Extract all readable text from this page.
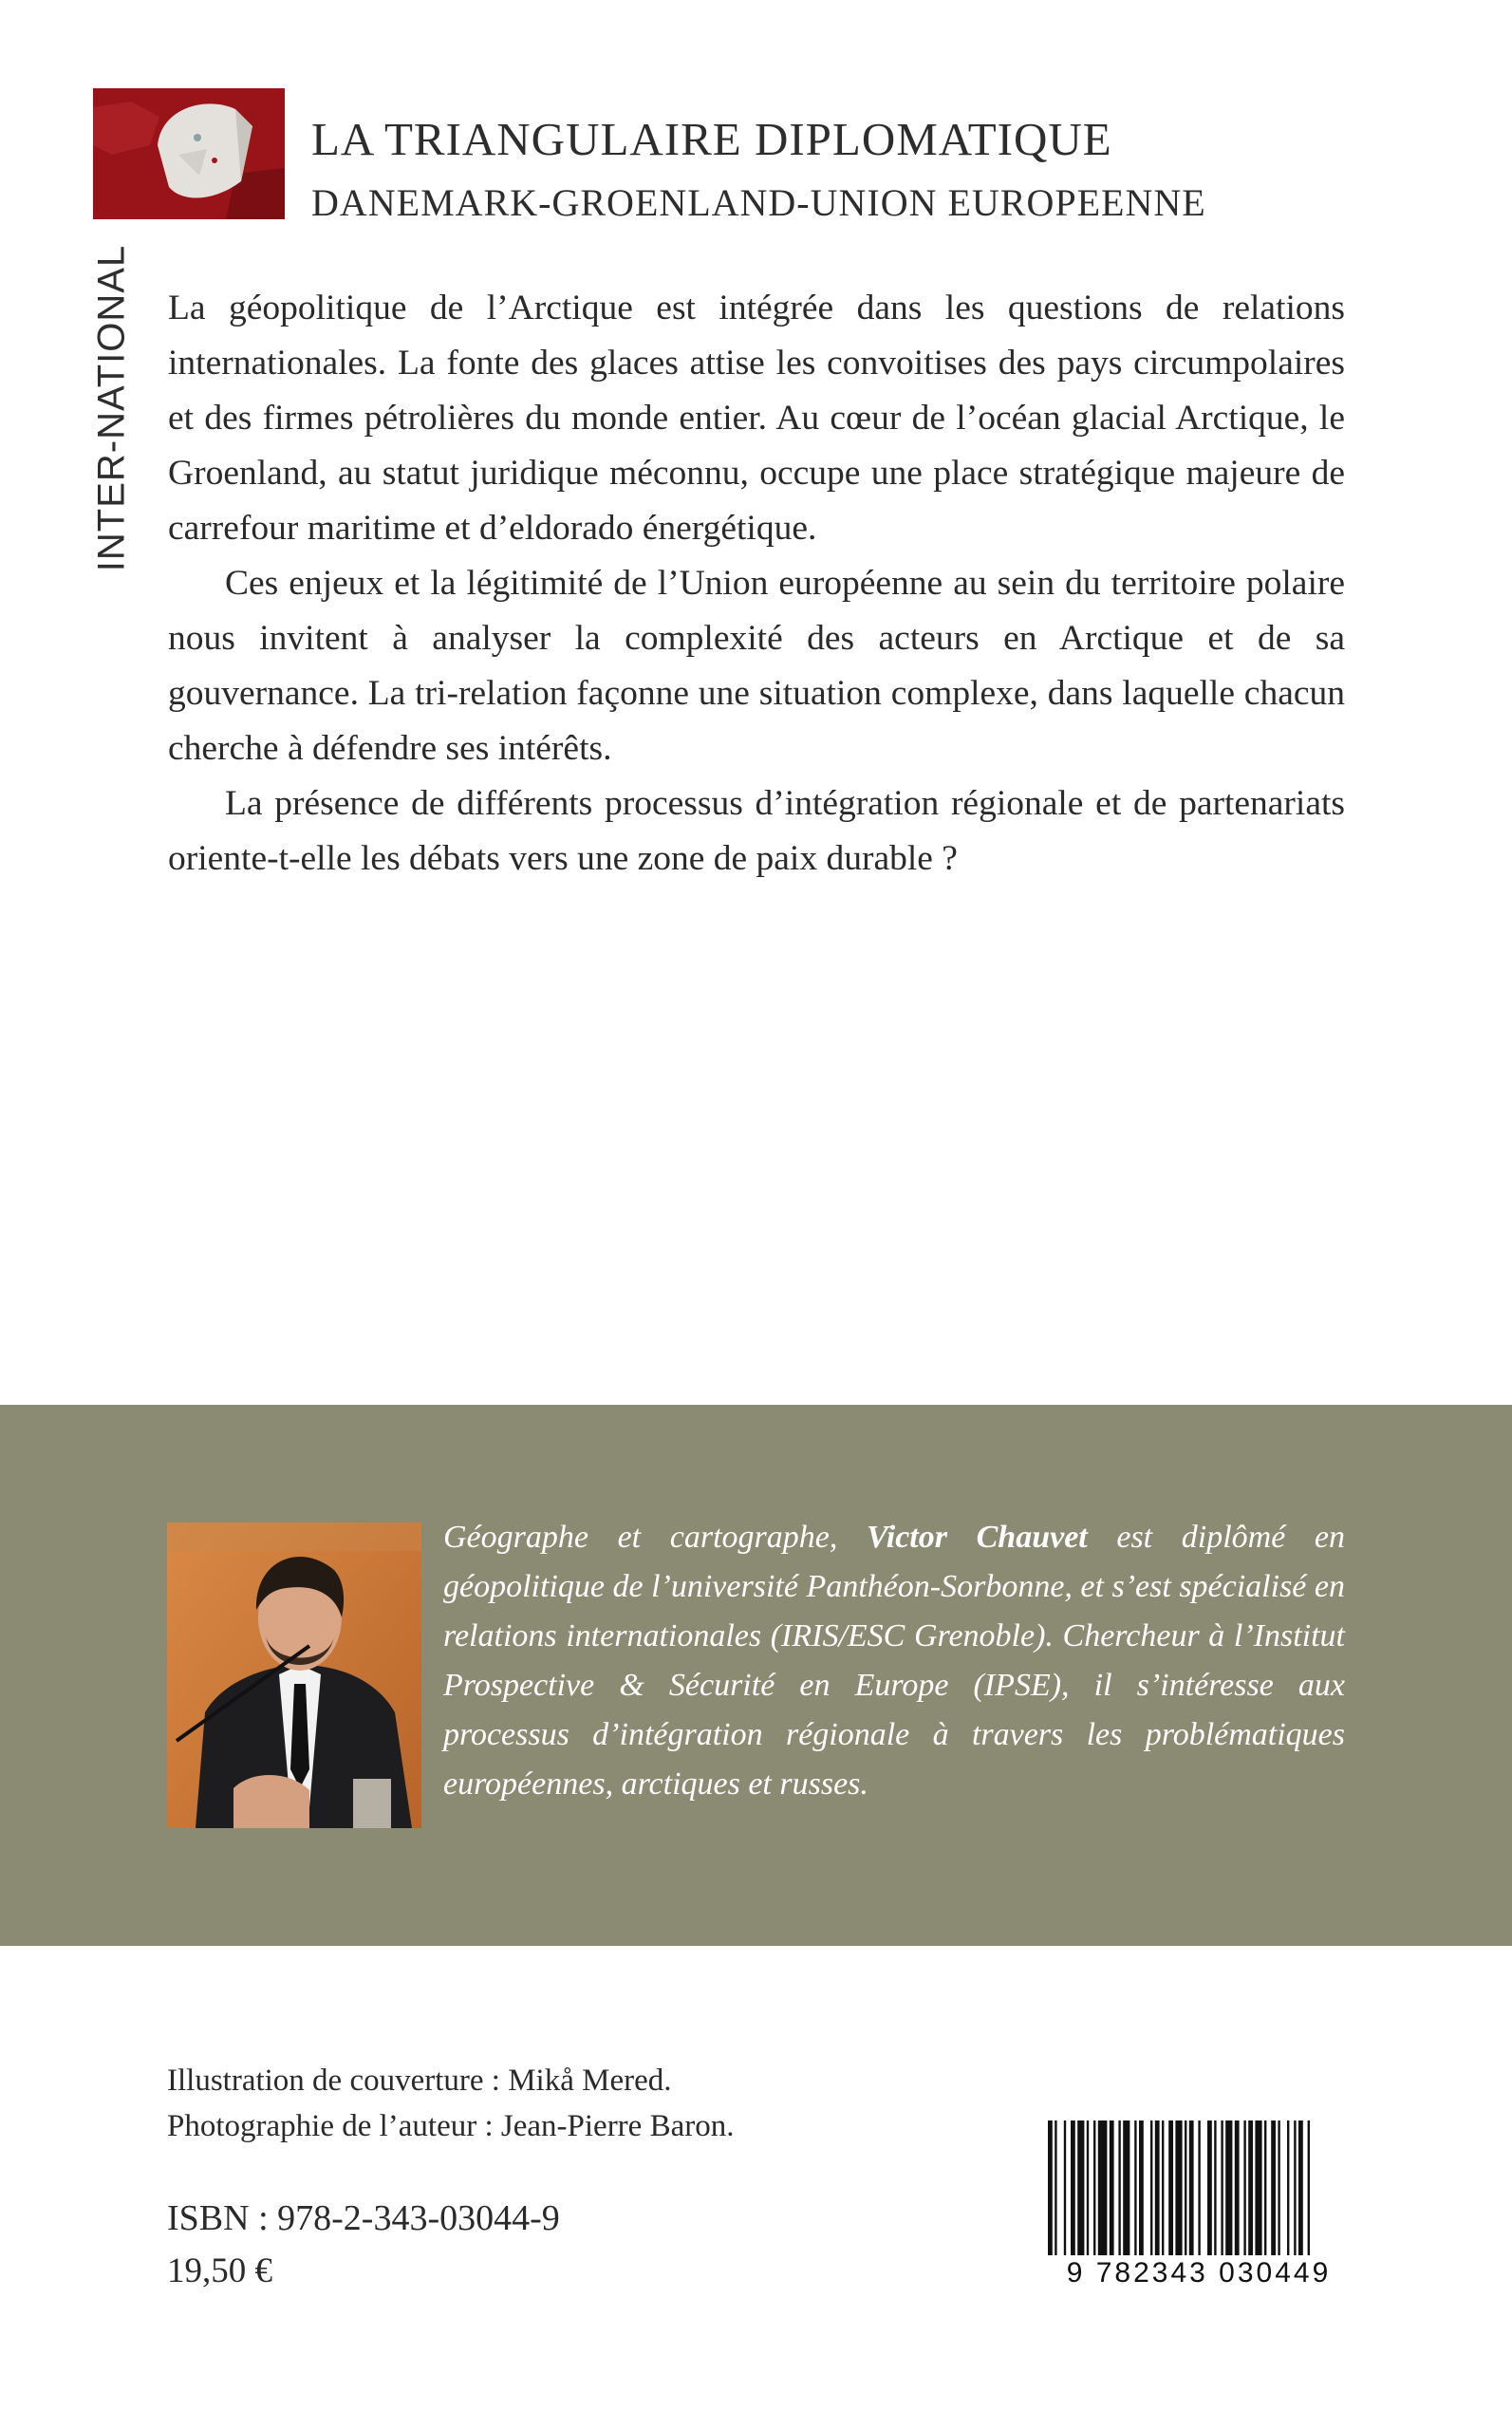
INTER-NATIONAL
LA TRIANGULAIRE DIPLOMATIQUE
DANEMARK-GROENLAND-UNION EUROPEENNE

La géopolitique de l’Arctique est intégrée dans les questions de relations internationales. La fonte des glaces attise les convoitises des pays circumpolaires et des firmes pétrolières du monde entier. Au cœur de l’océan glacial Arctique, le Groenland, au statut juridique méconnu, occupe une place stratégique majeure de carrefour maritime et d’eldorado énergétique.

Ces enjeux et la légitimité de l’Union européenne au sein du territoire polaire nous invitent à analyser la complexité des acteurs en Arctique et de sa gouvernance. La tri-relation façonne une situation complexe, dans laquelle chacun cherche à défendre ses intérêts.

La présence de différents processus d’intégration régionale et de partenariats oriente-t-elle les débats vers une zone de paix durable ?

Géographe et cartographe, Victor Chauvet est diplômé en géopolitique de l’université Panthéon-Sorbonne, et s’est spécialisé en relations internationales (IRIS/ESC Grenoble). Chercheur à l’Institut Prospective & Sécurité en Europe (IPSE), il s’intéresse aux processus d’intégration régionale à travers les problématiques européennes, arctiques et russes.
Illustration de couverture : Mikå Mered.
Photographie de l’auteur : Jean-Pierre Baron.
ISBN : 978-2-343-03044-9
19,50 €	9 782343 030449
